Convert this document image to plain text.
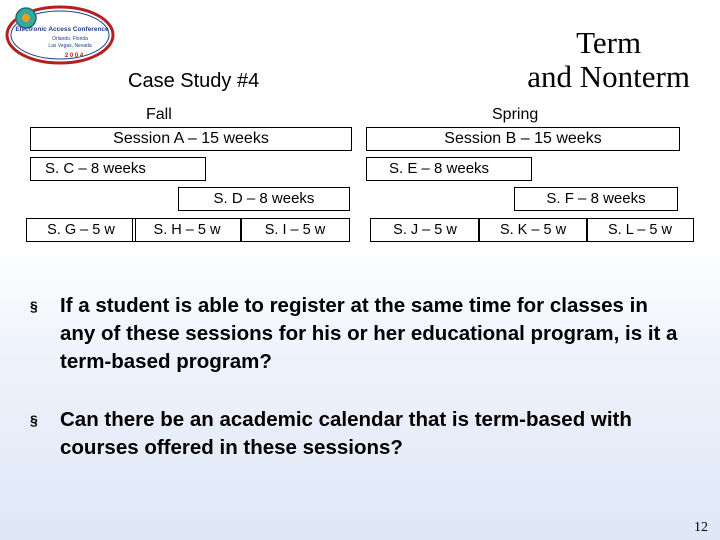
Electronic Access Conference
Orlando, Florida
Las Vegas, Nevada
2 0 0 4	Term
and Nonterm
Case Study #4
Fall	Spring
Session A – 15 weeks	Session B – 15 weeks
S. C – 8 weeks	S. E – 8 weeks
S. D – 8 weeks	S. F – 8 weeks
S. G – 5 w	S. H – 5 w	S. I – 5 w	S. J – 5 w	S. K – 5 w	S. L – 5 w
§ If a student is able to register at the same time for classes in any of these sessions for his or her educational program, is it a term-based program?
§ Can there be an academic calendar that is term-based with courses offered in these sessions?
12
